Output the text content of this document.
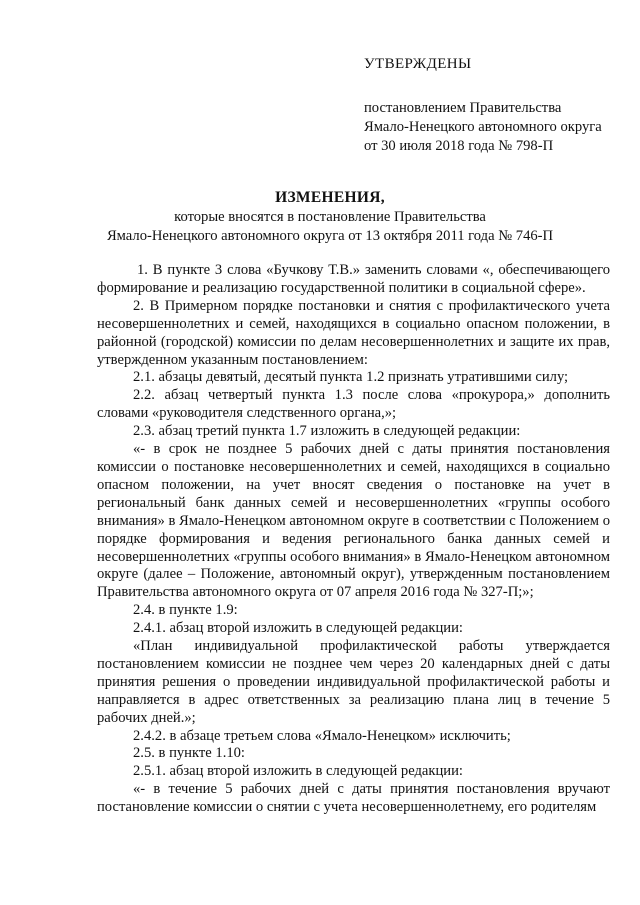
УТВЕРЖДЕНЫ
постановлением Правительства
Ямало-Ненецкого автономного округа
от 30 июля 2018 года № 798-П
ИЗМЕНЕНИЯ,
которые вносятся в постановление Правительства
Ямало-Ненецкого автономного округа от 13 октября 2011 года № 746-П

1. В пункте 3 слова «Бучкову Т.В.» заменить словами «, обеспечивающего формирование и реализацию государственной политики в социальной сфере».

2. В Примерном порядке постановки и снятия с профилактического учета несовершеннолетних и семей, находящихся в социально опасном положении, в районной (городской) комиссии по делам несовершеннолетних и защите их прав, утвержденном указанным постановлением:

2.1. абзацы девятый, десятый пункта 1.2 признать утратившими силу;

2.2. абзац четвертый пункта 1.3 после слова «прокурора,» дополнить словами «руководителя следственного органа,»;

2.3. абзац третий пункта 1.7 изложить в следующей редакции:

«- в срок не позднее 5 рабочих дней с даты принятия постановления комиссии о постановке несовершеннолетних и семей, находящихся в социально опасном положении, на учет вносят сведения о постановке на учет в региональный банк данных семей и несовершеннолетних «группы особого внимания» в Ямало-Ненецком автономном округе в соответствии с Положением о порядке формирования и ведения регионального банка данных семей и несовершеннолетних «группы особого внимания» в Ямало-Ненецком автономном округе (далее – Положение, автономный округ), утвержденным постановлением Правительства автономного округа от 07 апреля 2016 года № 327-П;»;

2.4. в пункте 1.9:

2.4.1. абзац второй изложить в следующей редакции:

«План индивидуальной профилактической работы утверждается постановлением комиссии не позднее чем через 20 календарных дней с даты принятия решения о проведении индивидуальной профилактической работы и направляется в адрес ответственных за реализацию плана лиц в течение 5 рабочих дней.»;

2.4.2. в абзаце третьем слова «Ямало-Ненецком» исключить;

2.5. в пункте 1.10:

2.5.1. абзац второй изложить в следующей редакции:

«- в течение 5 рабочих дней с даты принятия постановления вручают постановление комиссии о снятии с учета несовершеннолетнему, его родителям
